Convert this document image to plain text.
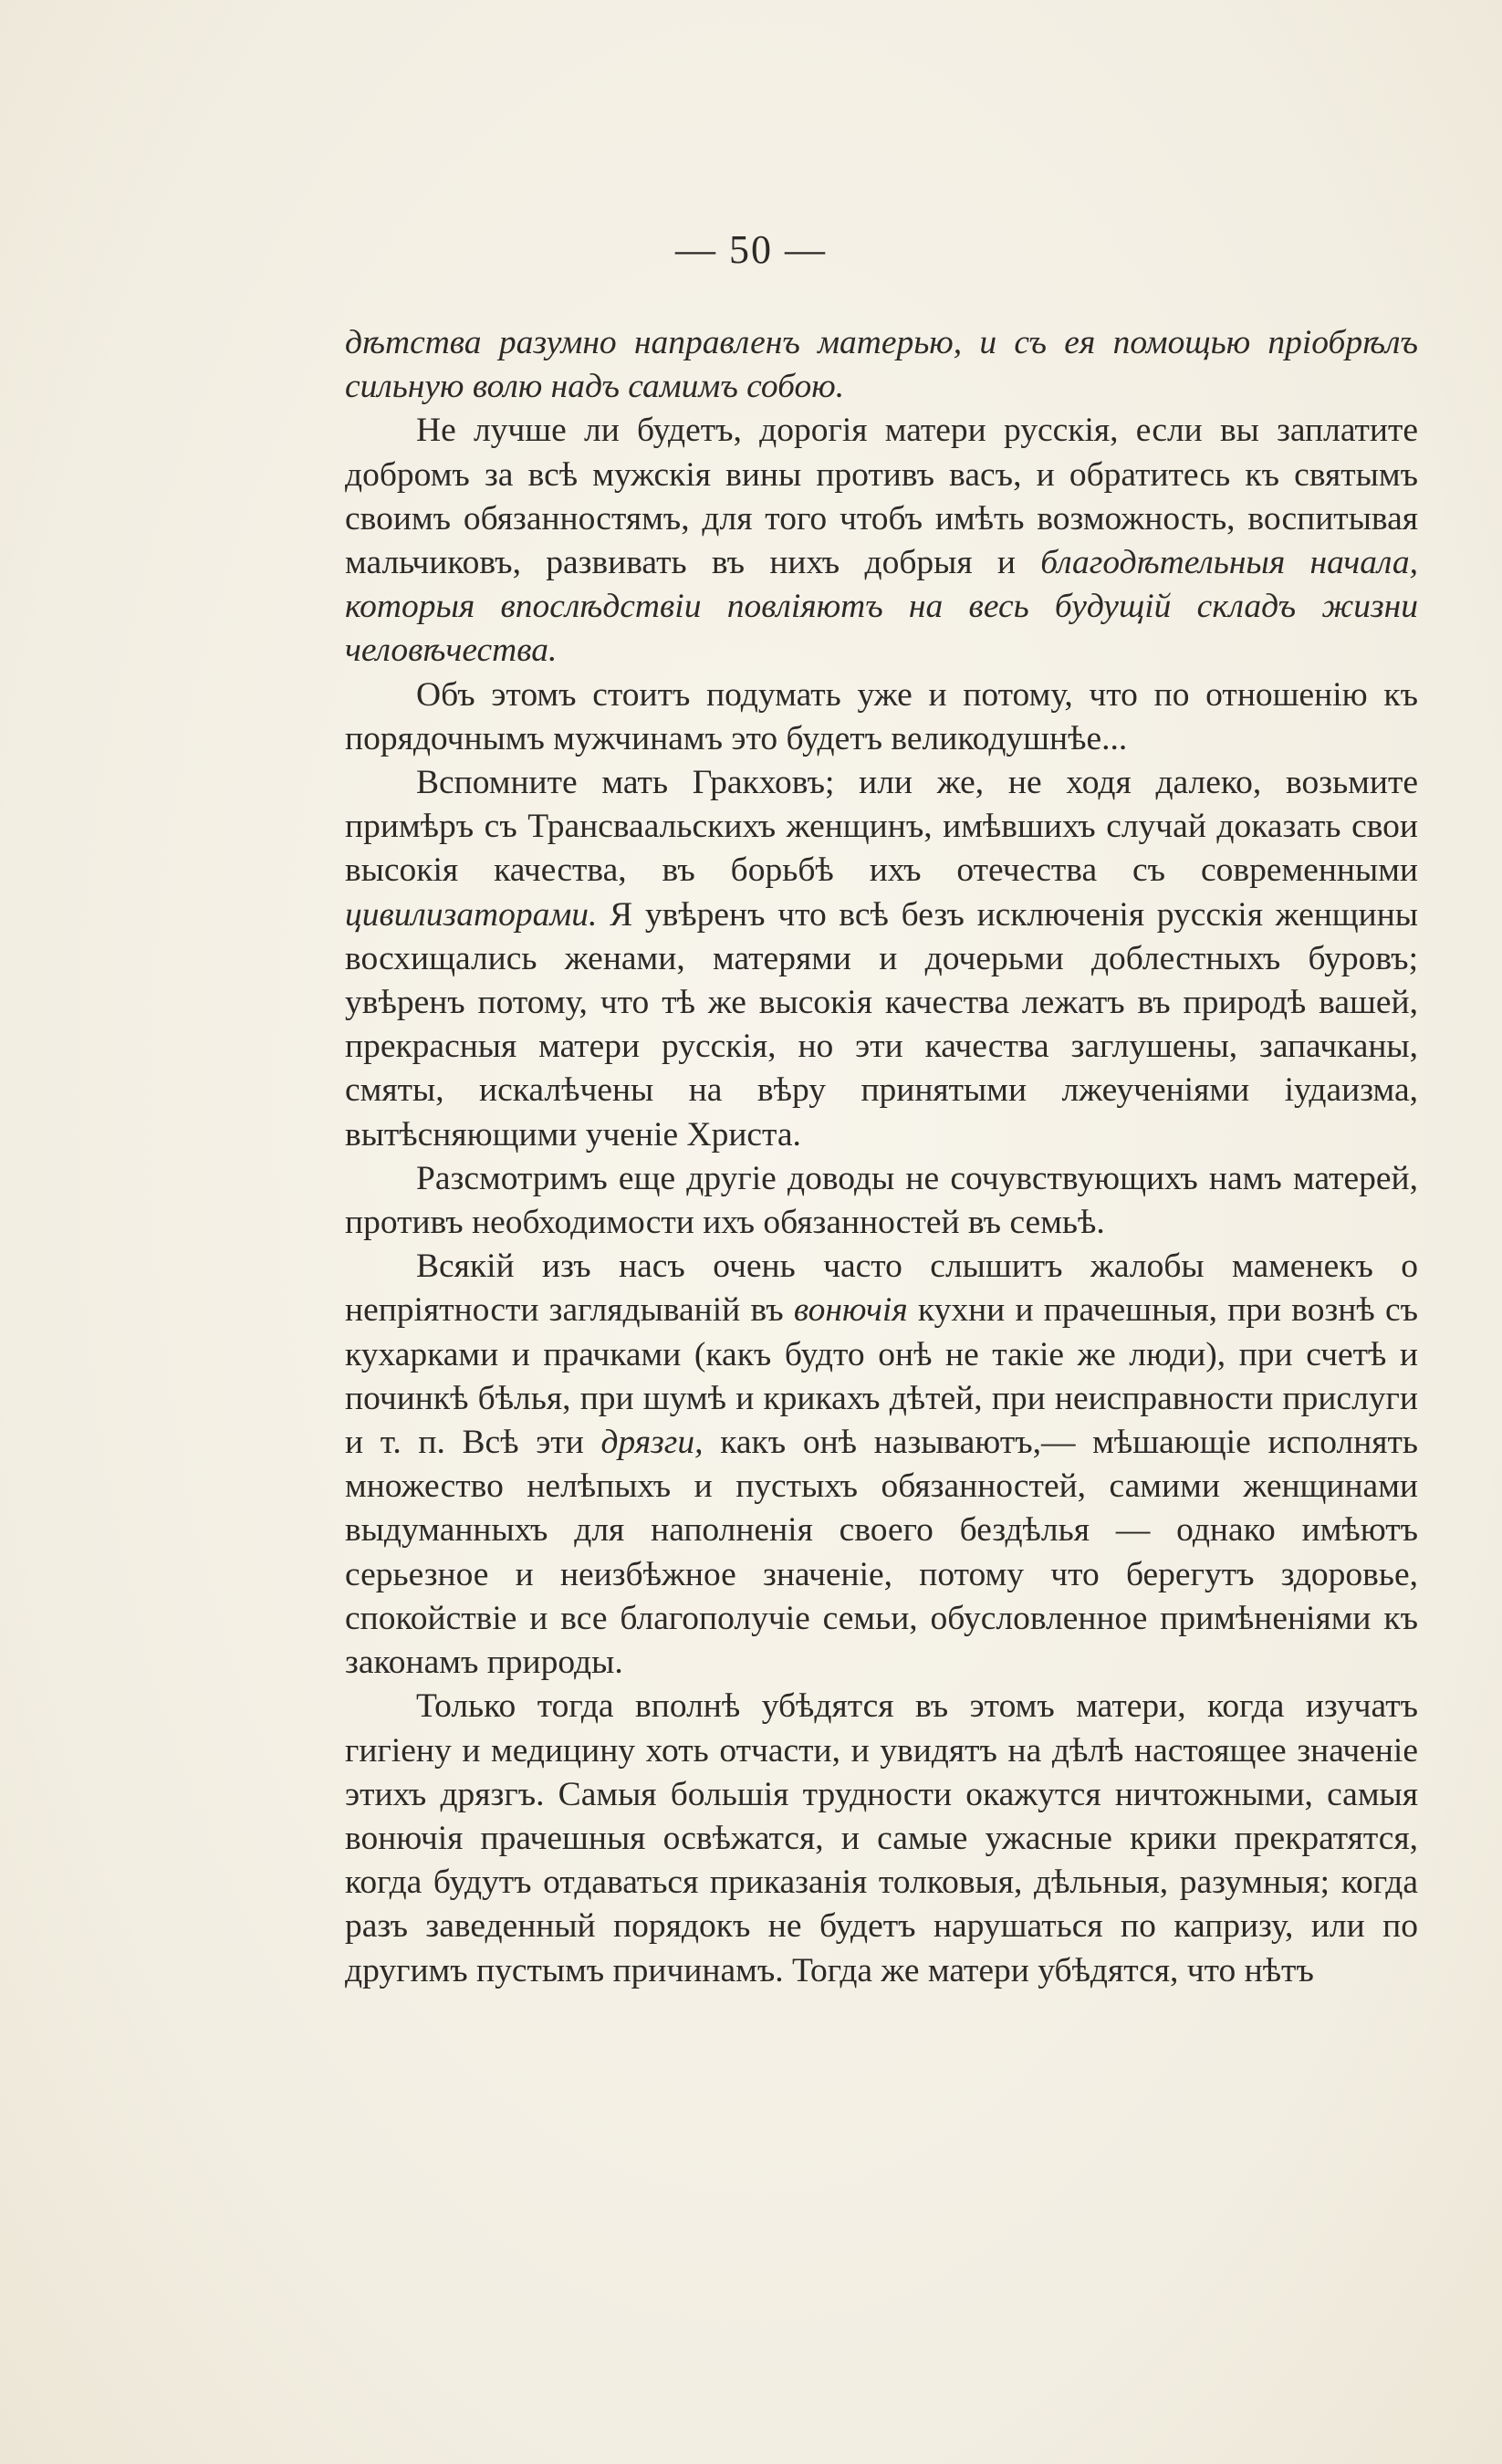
— 50 —

дѣтства разумно направленъ матерью, и съ ея помощью пріобрѣлъ сильную волю надъ самимъ собою.

Не лучше ли будетъ, дорогія матери русскія, если вы заплатите добромъ за всѣ мужскія вины противъ васъ, и обратитесь къ святымъ своимъ обязанностямъ, для того чтобъ имѣть возможность, воспитывая мальчиковъ, развивать въ нихъ добрыя и благодѣтельныя начала, которыя впослѣдствіи повліяютъ на весь будущій складъ жизни человѣчества.

Объ этомъ стоитъ подумать уже и потому, что по отношенію къ порядочнымъ мужчинамъ это будетъ великодушнѣе...

Вспомните мать Гракховъ; или же, не ходя далеко, возьмите примѣръ съ Трансваальскихъ женщинъ, имѣвшихъ случай доказать свои высокія качества, въ борьбѣ ихъ отечества съ современными цивилизаторами. Я увѣренъ что всѣ безъ исключенія русскія женщины восхищались женами, матерями и дочерьми доблестныхъ буровъ; увѣренъ потому, что тѣ же высокія качества лежатъ въ природѣ вашей, прекрасныя матери русскія, но эти качества заглушены, запачканы, смяты, искалѣчены на вѣру принятыми лжеученіями іудаизма, вытѣсняющими ученіе Христа.

Разсмотримъ еще другіе доводы не сочувствующихъ намъ матерей, противъ необходимости ихъ обязанностей въ семьѣ.

Всякій изъ насъ очень часто слышитъ жалобы маменекъ о непріятности заглядываній въ вонючія кухни и прачешныя, при вознѣ съ кухарками и прачками (какъ будто онѣ не такіе же люди), при счетѣ и починкѣ бѣлья, при шумѣ и крикахъ дѣтей, при неисправности прислуги и т. п. Всѣ эти дрязги, какъ онѣ называютъ,— мѣшающіе исполнять множество нелѣпыхъ и пустыхъ обязанностей, самими женщинами выдуманныхъ для наполненія своего бездѣлья — однако имѣютъ серьезное и неизбѣжное значеніе, потому что берегутъ здоровье, спокойствіе и все благополучіе семьи, обусловленное примѣненіями къ законамъ природы.

Только тогда вполнѣ убѣдятся въ этомъ матери, когда изучатъ гигіену и медицину хоть отчасти, и увидятъ на дѣлѣ настоящее значеніе этихъ дрязгъ. Самыя большія трудности окажутся ничтожными, самыя вонючія прачешныя освѣжатся, и самые ужасные крики прекратятся, когда будутъ отдаваться приказанія толковыя, дѣльныя, разумныя; когда разъ заведенный порядокъ не будетъ нарушаться по капризу, или по другимъ пустымъ причинамъ. Тогда же матери убѣдятся, что нѣтъ
